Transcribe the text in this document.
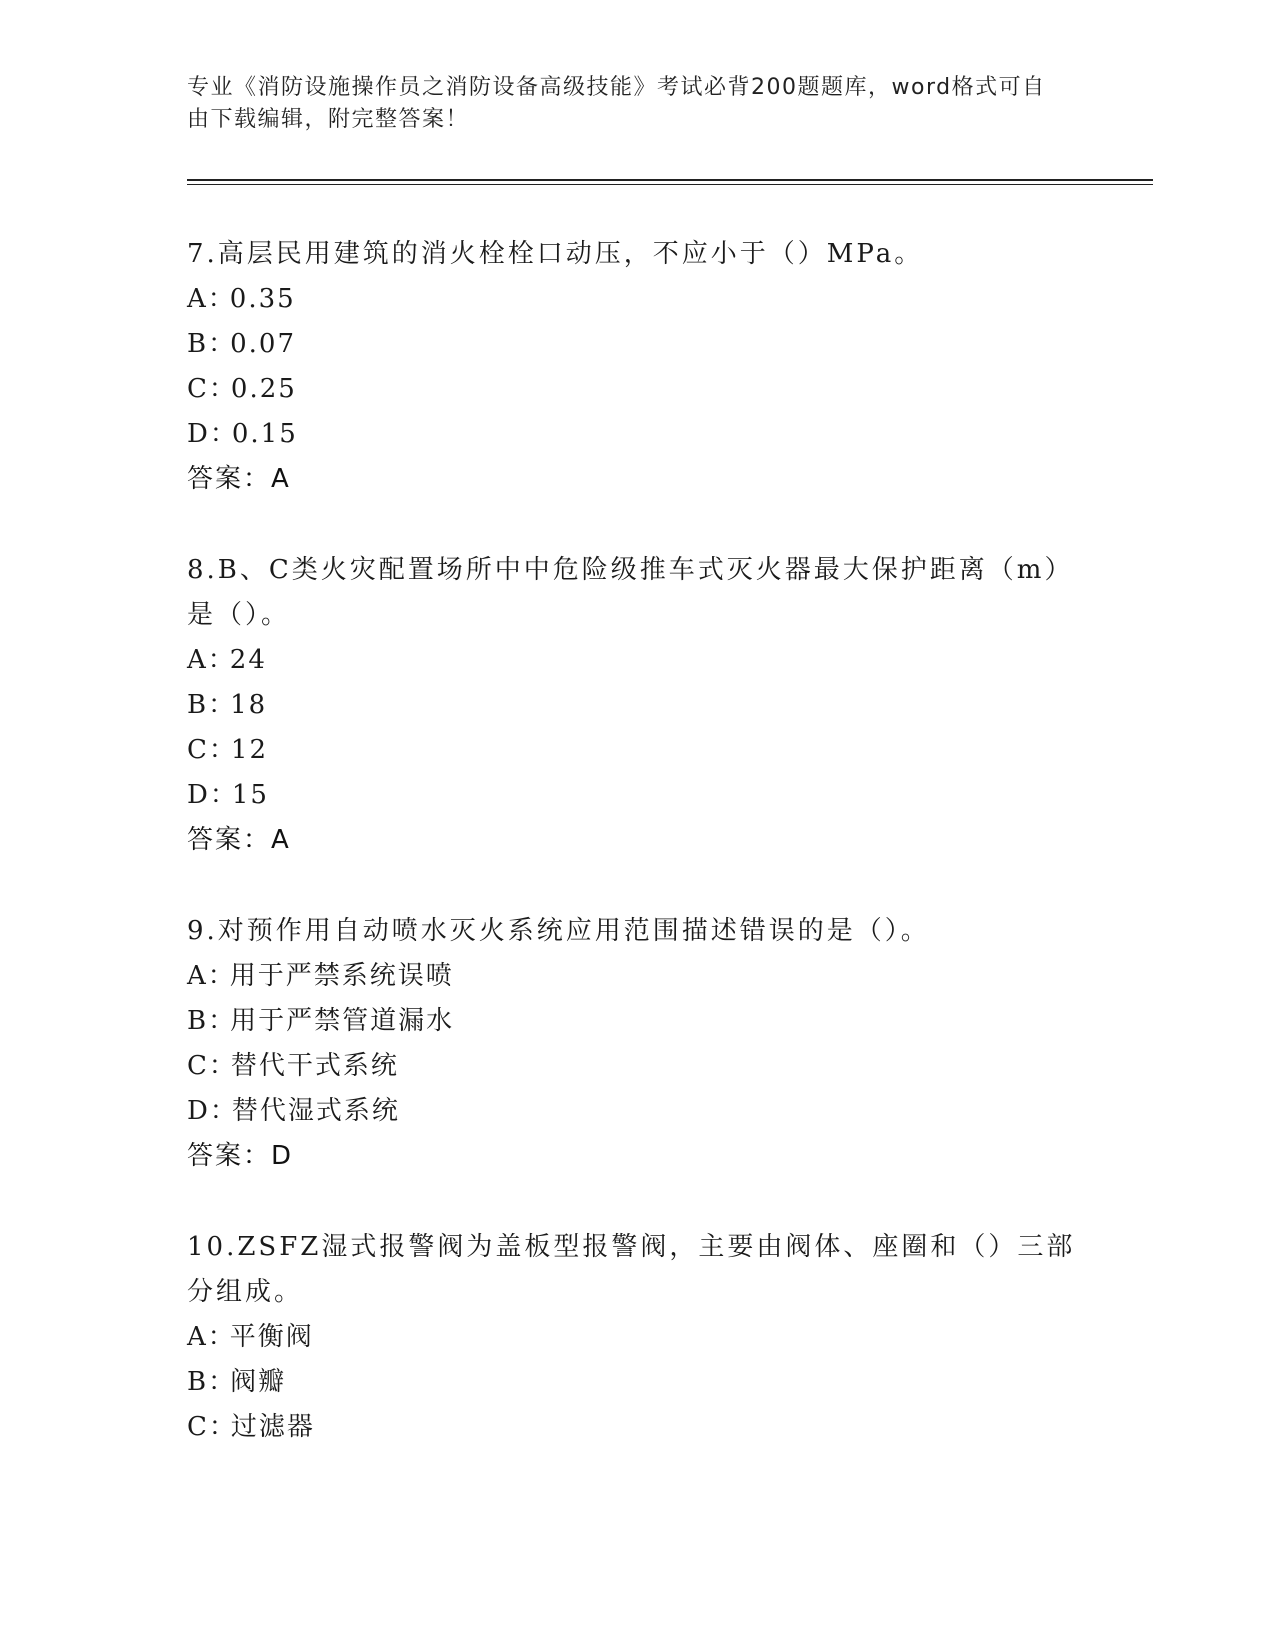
专业《消防设施操作员之消防设备高级技能》考试必背200题题库，word格式可自由下载编辑，附完整答案！
7.高层民用建筑的消火栓栓口动压，不应小于（）MPa。
A：0.35
B：0.07
C：0.25
D：0.15
答案：A
8.B、C类火灾配置场所中中危险级推车式灭火器最大保护距离（m）是（）。
A：24
B：18
C：12
D：15
答案：A
9.对预作用自动喷水灭火系统应用范围描述错误的是（）。
A：用于严禁系统误喷
B：用于严禁管道漏水
C：替代干式系统
D：替代湿式系统
答案：D
10.ZSFZ湿式报警阀为盖板型报警阀，主要由阀体、座圈和（）三部分组成。
A：平衡阀
B：阀瓣
C：过滤器
